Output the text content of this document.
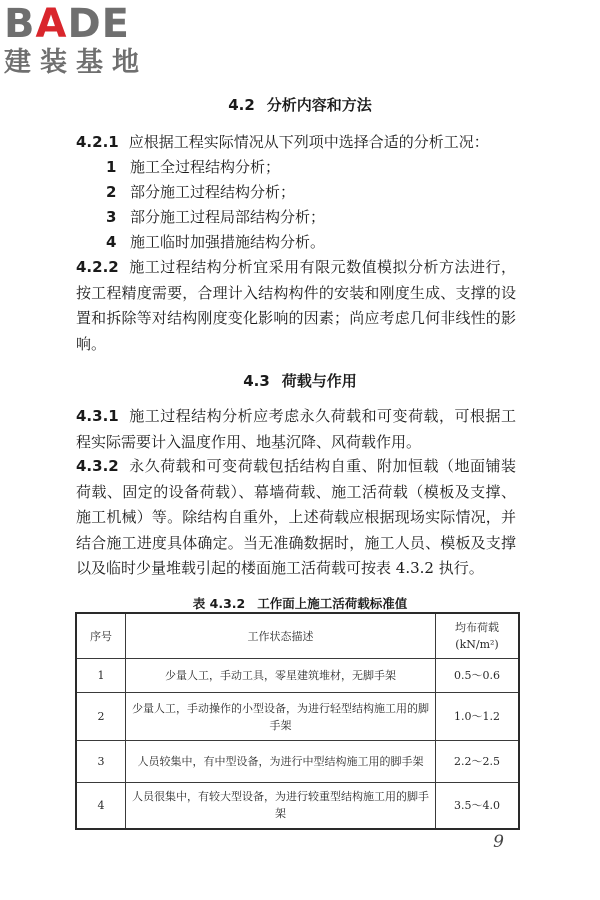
BADE
建装基地
4.2 分析内容和方法
4.2.1 应根据工程实际情况从下列项中选择合适的分析工况：
1 施工全过程结构分析；
2 部分施工过程结构分析；
3 部分施工过程局部结构分析；
4 施工临时加强措施结构分析。
4.2.2 施工过程结构分析宜采用有限元数值模拟分析方法进行，按工程精度需要，合理计入结构构件的安装和刚度生成、支撑的设置和拆除等对结构刚度变化影响的因素；尚应考虑几何非线性的影响。
4.3 荷载与作用
4.3.1 施工过程结构分析应考虑永久荷载和可变荷载，可根据工程实际需要计入温度作用、地基沉降、风荷载作用。
4.3.2 永久荷载和可变荷载包括结构自重、附加恒载（地面铺装荷载、固定的设备荷载）、幕墙荷载、施工活荷载（模板及支撑、施工机械）等。除结构自重外，上述荷载应根据现场实际情况，并结合施工进度具体确定。当无准确数据时，施工人员、模板及支撑以及临时少量堆载引起的楼面施工活荷载可按表 4.3.2 执行。
表 4.3.2 工作面上施工活荷载标准值
序号	工作状态描述	均布荷载
(kN/m²)

1	少量人工，手动工具，零星建筑堆材，无脚手架	0.5～0.6
2	少量人工，手动操作的小型设备，为进行轻型结构施工用的脚手架	1.0～1.2
3	人员较集中，有中型设备，为进行中型结构施工用的脚手架	2.2～2.5
4	人员很集中，有较大型设备，为进行较重型结构施工用的脚手架	3.5～4.0
9
